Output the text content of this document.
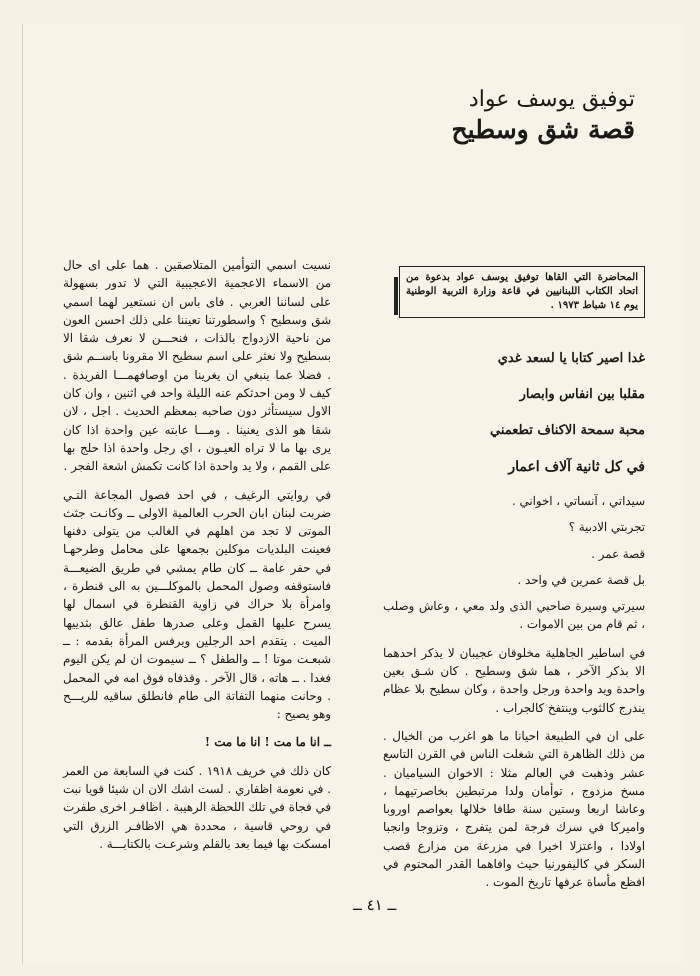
توفيق يوسف عواد
قصة شق وسطيح
المحاضرة التي القاها توفيق يوسف عواد بدعوة من اتحاد الكتاب اللبنانيين في قاعة وزارة التربية الوطنية يوم ١٤ شباط ١٩٧٣ .
غدا اصير كتابا يا لسعد غدي
مقلبا بين انفاس وابصار
محبة سمحة الاكناف تطعمني
في كل ثانية آلاف اعمار

سيداتي ، آنساتي ، اخواني .

تجربتي الادبية ؟

قصة عمر .

بل قصة عمرين في واحد .

سيرتي وسيرة صاحبي الذى ولد معي ، وعاش وصلب ، ثم قام من بين الاموات .

في اساطير الجاهلية مخلوقان عجيبان لا يذكر احدهما الا بذكر الآخر ، هما شق وسطيح . كان شـق بعين واحدة ويد واحدة ورجل واحدة ، وكان سطيح بلا عظام يندرج كالثوب وينتفخ كالجراب .

على ان في الطبيعة احيانا ما هو اغرب من الخيال . من ذلك الظاهرة التي شغلت الناس في القرن التاسع عشر وذهبت في العالم مثلا : الاخوان السياميان . مسخ مزدوج ، توأمان ولدا مرتبطين بخاصرتيهما ، وعاشا اربعا وستين سنة طافا خلالها بعواصم اوروبا واميركا في سرك فرجة لمن يتفرج ، وتزوجا وانجبا اولادا ، واعتزلا اخيرا في مزرعة من مزارع قصب السكر في كاليفورنيا حيث وافاهما القدر المحتوم في افظع مأساة عرفها تاريخ الموت .

نسيت اسمي التوأمين المتلاصقين . هما على اى حال من الاسماء الاعجمية الاعجيبية التي لا تدور بسهولة على لساننا العربي . فاى باس ان نستعير لهما اسمي شق وسطيح ؟ واسطورتنا تعيننا على ذلك احسن العون من ناحية الازدواج بالذات ، فنحـــن لا نعرف شقا الا بسطيح ولا نعثر على اسم سطيح الا مقرونا باســم شق . فضلا عما ينبغي ان يغرينا من اوصافهمـــا الفريدة . كيف لا ومن احدثكم عنه الليلة واحد في اثنين ، وان كان الاول سيستأثر دون صاحبه بمعظم الحديث . اجل ، لان شقا هو الذى يعنينا . ومـــا عابته عين واحدة اذا كان يرى بها ما لا تراه العيـون ، اي رجل واحدة اذا حلج بها على القمم ، ولا يد واحدة اذا كانت تكمش اشعة الفجر .

في روايتي الرغيف ، في احد فصول المجاعة التـي ضربت لبنان ابان الحرب العالمية الاولى ــ وكانـت جثث الموتى لا تجد من اهلهم في الغالب من يتولى دفنها فعينت البلديات موكلين بجمعها على محامل وطرحهـا في حفر عامة ــ كان طام يمشي في طريق الضيعـــة فاستوقفه وصول المحمل بالموكلـــين به الى قنطرة ، وامرأة بلا حراك في زاوية القنطرة في اسمال لها يسرح عليها القمل وعلى صدرها طفل عالق بثدييها الميت . يتقدم احد الرجلين ويرفس المرأة بقدمه : ــ شبعـت موتا ! ــ والطفل ؟ ــ سيموت ان لم يكن اليوم فغدا . ــ هاته ، قال الآخر . وقذفاه فوق امه في المحمل . وحانت منهما التفاتة الى طام فانطلق ساقيه للريـــح وهو يصيح :

ــ انا ما مت ! انا ما مت !

كان ذلك في خريف ١٩١٨ . كنت في السابعة من العمر . في نعومة اظفاري . لست اشك الان ان شيئا قويا نبت في فجاة في تلك اللحظة الرهيبة . اظافـر اخرى طفرت في روحي قاسية ، محددة هي الاظافـر الزرق التي امسكت بها فيما بعد بالقلم وشرعـت بالكتابـــة .

ــ ٤١ ــ
